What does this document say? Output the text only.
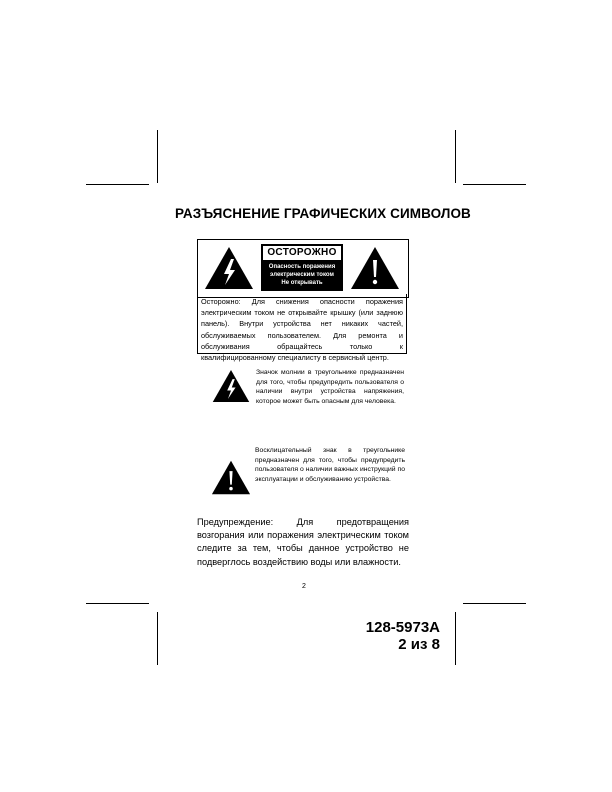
РАЗЪЯСНЕНИЕ ГРАФИЧЕСКИХ СИМВОЛОВ
ОСТОРОЖНО
Опасность поражения
электрическим током
Не открывать
Осторожно: Для снижения опасности поражения электрическим током не открывайте крышку (или заднюю панель). Внутри устройства нет никаких частей, обслуживаемых пользователем. Для ремонта и обслуживания обращайтесь только к квалифицированному специалисту в сервисный центр.
Значок молнии в треугольнике предназначен для того, чтобы предупредить пользователя о наличии внутри устройства напряжения, которое может быть опасным для человека.
Восклицательный знак в треугольнике предназначен для того, чтобы предупредить пользователя о наличии важных инструкций по эксплуатации и обслуживанию устройства.
Предупреждение: Для предотвращения возгорания или поражения электрическим током следите за тем, чтобы данное устройство не подверглось воздействию воды или влажности.
2
128-5973A
2 из 8
